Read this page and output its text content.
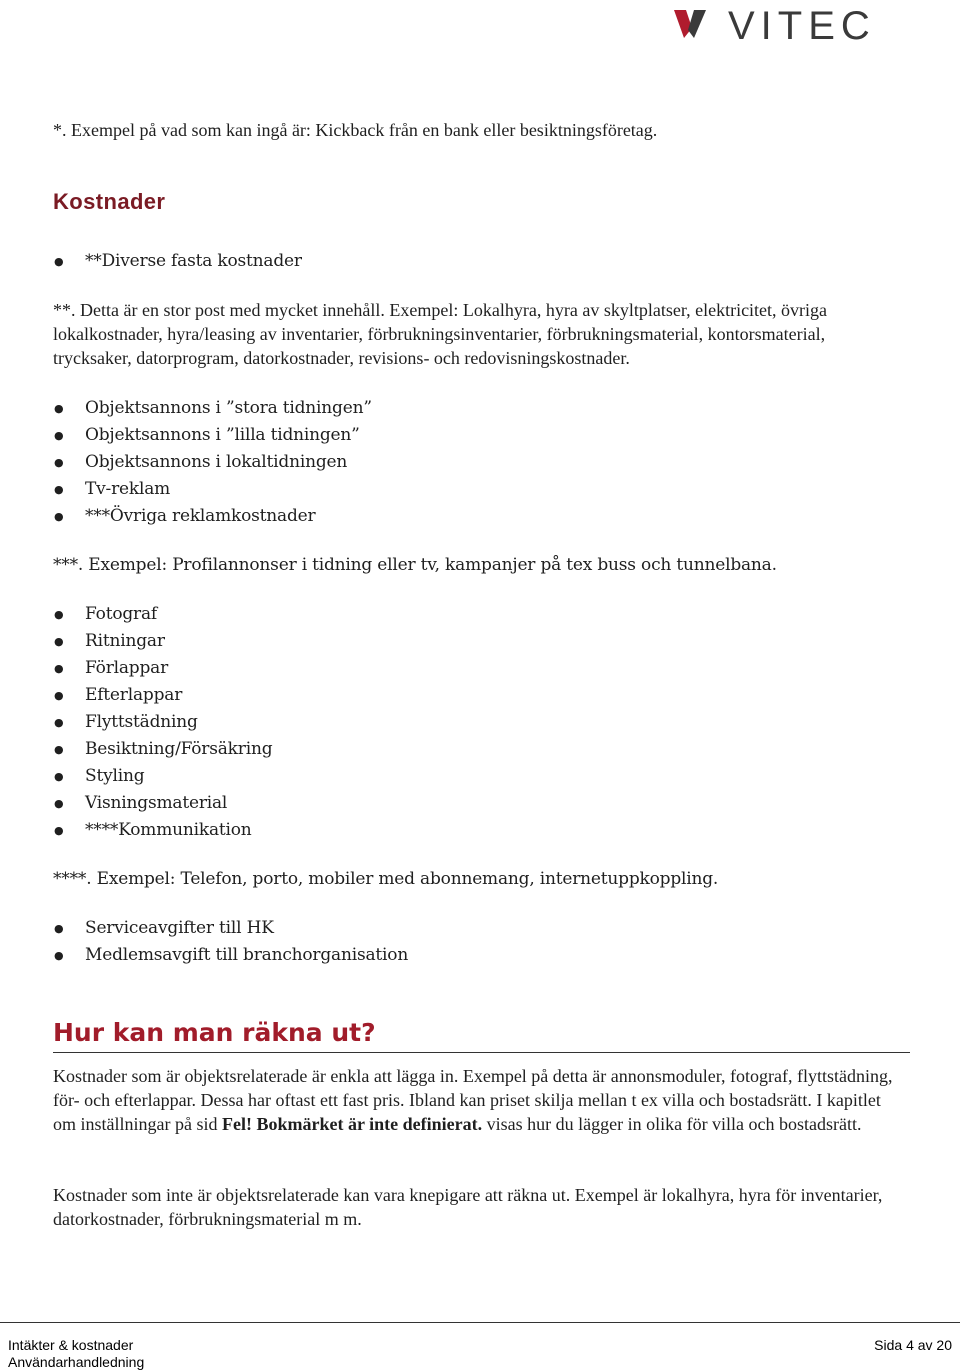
VITEC

*. Exempel på vad som kan ingå är: Kickback från en bank eller besiktningsföretag.

Kostnader
● **Diverse fasta kostnader

**. Detta är en stor post med mycket innehåll. Exempel: Lokalhyra, hyra av skyltplatser, elektricitet, övriga lokalkostnader, hyra/leasing av inventarier, förbrukningsinventarier, förbrukningsmaterial, kontorsmaterial, trycksaker, datorprogram, datorkostnader, revisions- och redovisningskostnader.

● Objektsannons i ”stora tidningen”
● Objektsannons i ”lilla tidningen”
● Objektsannons i lokaltidningen
● Tv-reklam
● ***Övriga reklamkostnader

***. Exempel: Profilannonser i tidning eller tv, kampanjer på tex buss och tunnelbana.

● Fotograf
● Ritningar
● Förlappar
● Efterlappar
● Flyttstädning
● Besiktning/Försäkring
● Styling
● Visningsmaterial
● ****Kommunikation

****. Exempel: Telefon, porto, mobiler med abonnemang, internetuppkoppling.

● Serviceavgifter till HK
● Medlemsavgift till branchorganisation
Hur kan man räkna ut?

Kostnader som är objektsrelaterade är enkla att lägga in. Exempel på detta är annonsmoduler, fotograf, flyttstädning, för- och efterlappar. Dessa har oftast ett fast pris. Ibland kan priset skilja mellan t ex villa och bostadsrätt. I kapitlet om inställningar på sid Fel! Bokmärket är inte definierat. visas hur du lägger in olika för villa och bostadsrätt.

Kostnader som inte är objektsrelaterade kan vara knepigare att räkna ut. Exempel är lokalhyra, hyra för inventarier, datorkostnader, förbrukningsmaterial m m.

Intäkter & kostnader
Användarhandledning
Sida 4 av 20
